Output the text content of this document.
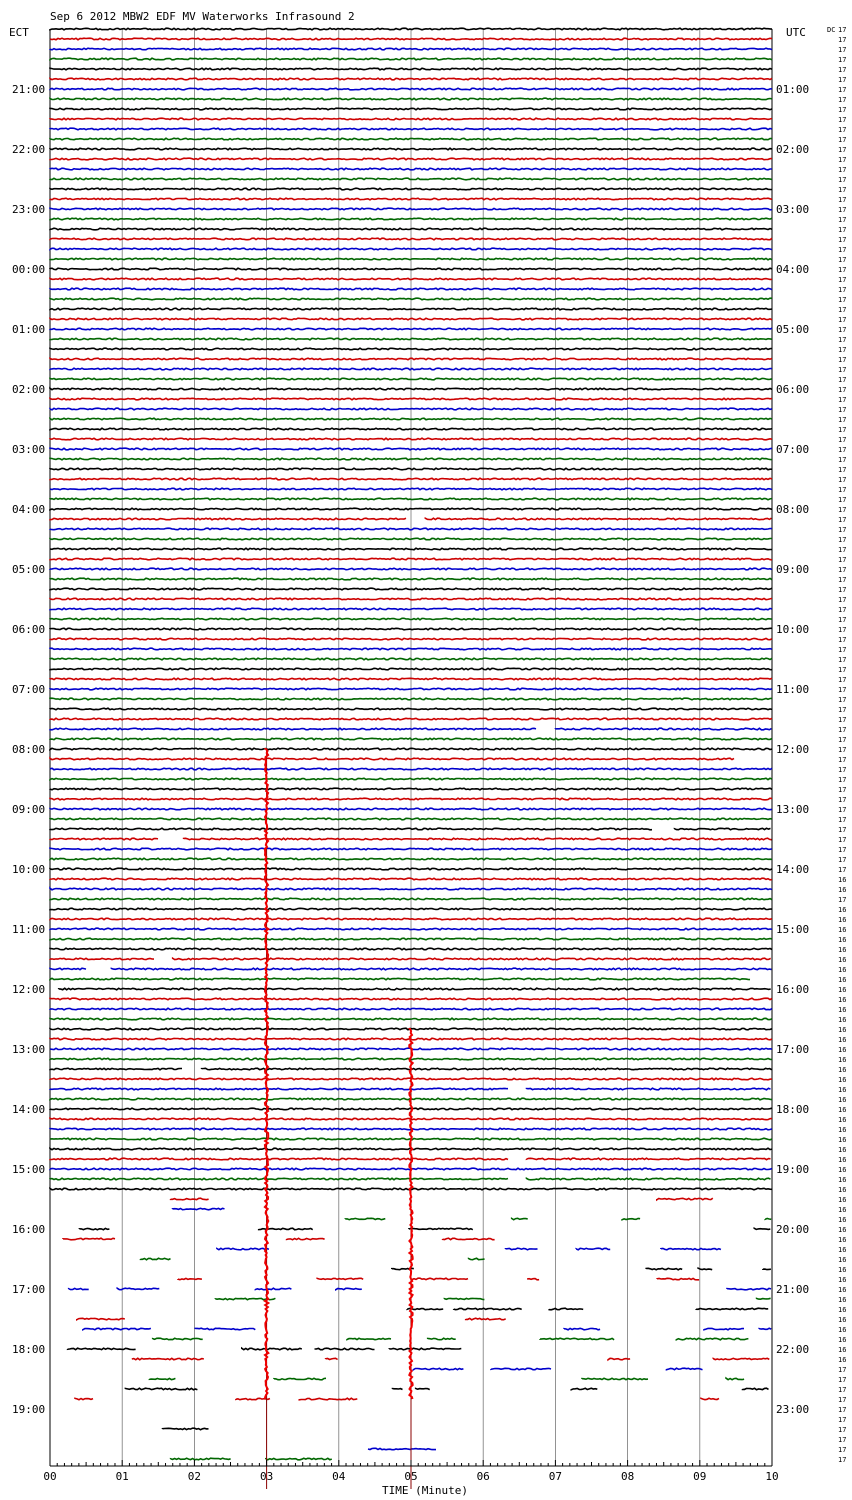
Sep 6 2012 MBW2 EDF MV Waterworks Infrasound 2
ECT	UTC	DC
TIME (Minute)
00	01	02	03	04	05	06	07	08	09	10
21:00
22:00
23:00
00:00
01:00
02:00
03:00
04:00
05:00
06:00
07:00
08:00
09:00
10:00
11:00
12:00
13:00
14:00
15:00
16:00
17:00
18:00
19:00
01:00
02:00
03:00
04:00
05:00
06:00
07:00
08:00
09:00
10:00
11:00
12:00
13:00
14:00
15:00
16:00
17:00
18:00
19:00
20:00
21:00
22:00
23:00
17
17
17
17
17
17
17
17
17
17
17
17
17
17
17
17
17
17
17
17
17
17
17
17
17
17
17
17
17
17
17
17
17
17
17
17
17
17
17
17
17
17
17
17
17
17
17
17
17
17
17
17
17
17
17
17
17
17
17
17
17
17
17
17
17
17
17
17
17
17
17
17
17
17
17
17
17
17
17
17
17
17
17
17
17
16
16
17
16
16
16
16
16
16
16
16
16
16
16
16
16
16
16
16
16
16
16
16
16
16
16
16
16
16
16
16
16
16
16
16
16
16
16
16
16
16
16
16
16
16
16
16
16
16
17
17
17
17
17
17
17
17
17
17
